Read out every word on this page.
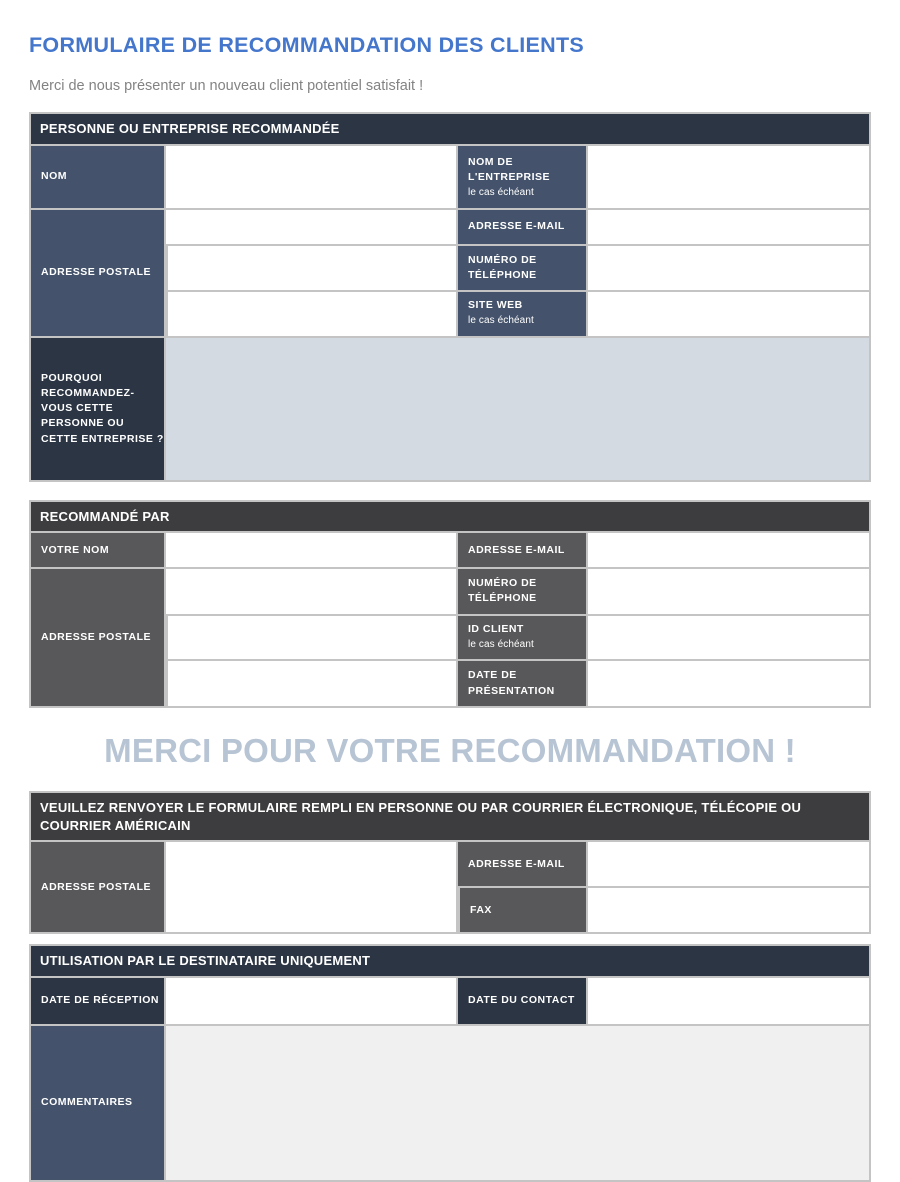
FORMULAIRE DE RECOMMANDATION DES CLIENTS

Merci de nous présenter un nouveau client potentiel satisfait !

PERSONNE OU ENTREPRISE RECOMMANDÉE			
NOM		NOM DE L'ENTREPRISE
le cas échéant	

ADRESSE POSTALE		ADRESSE E-MAIL	
		NUMÉRO DE TÉLÉPHONE	
		SITE WEB
le cas échéant	

POURQUOI RECOMMANDEZ-VOUS CETTE PERSONNE OU CETTE ENTREPRISE ?			
RECOMMANDÉ PAR			
VOTRE NOM		ADRESSE E-MAIL	
ADRESSE POSTALE		NUMÉRO DE TÉLÉPHONE	
		ID CLIENT
le cas échéant	

		DATE DE PRÉSENTATION	
MERCI POUR VOTRE RECOMMANDATION !
VEUILLEZ RENVOYER LE FORMULAIRE REMPLI EN PERSONNE OU PAR COURRIER ÉLECTRONIQUE, TÉLÉCOPIE OU COURRIER AMÉRICAIN			
ADRESSE POSTALE		ADRESSE E-MAIL	
		FAX	
UTILISATION PAR LE DESTINATAIRE UNIQUEMENT			
DATE DE RÉCEPTION		DATE DU CONTACT	
COMMENTAIRES			
